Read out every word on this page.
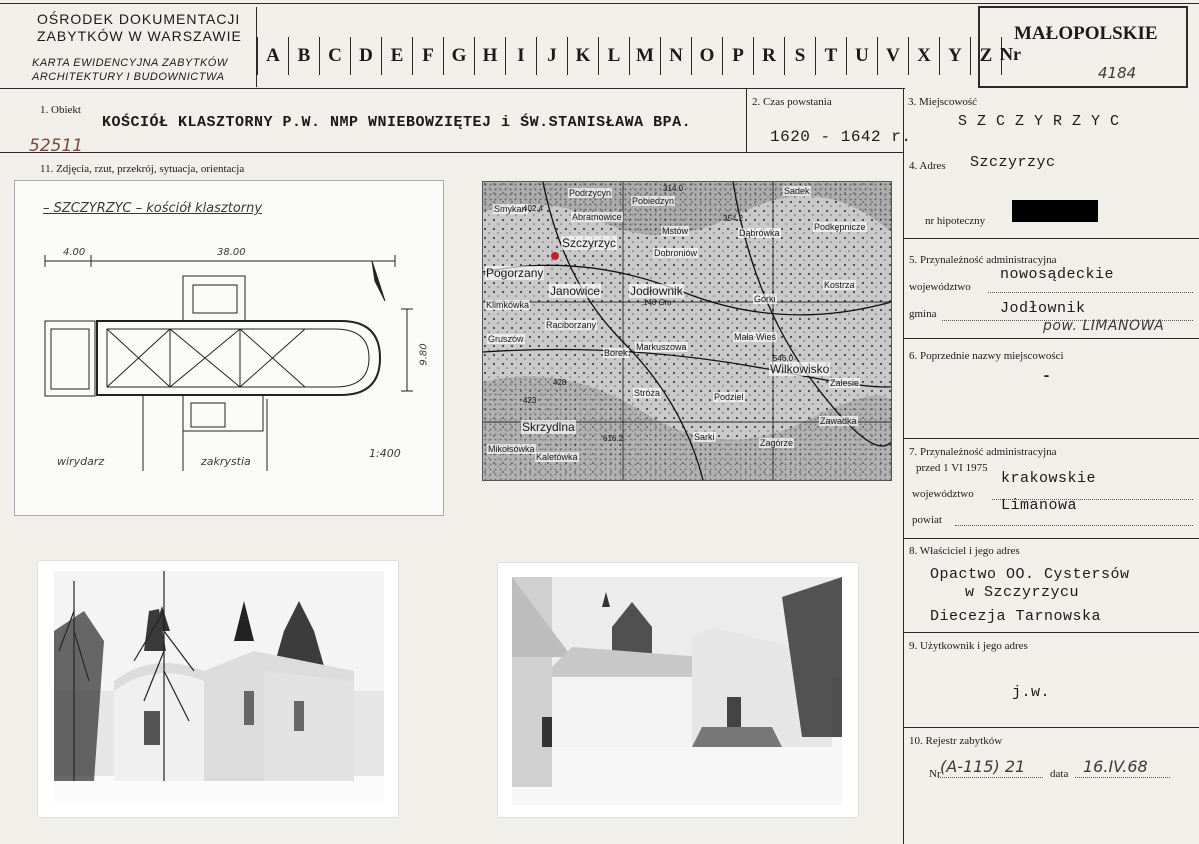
OŚRODEK DOKUMENTACJI
ZABYTKÓW W WARSZAWIE
KARTA EWIDENCYJNA ZABYTKÓW
ARCHITEKTURY I BUDOWNICTWA
A B C D E F G H	I	J K L M N O P R S	T U V X Y Z
MAŁOPOLSKIE
Nr
4184
1. Obiekt
52511
KOŚCIÓŁ KLASZTORNY P.W. NMP WNIEBOWZIĘTEJ i ŚW.STANISŁAWA BPA.
2. Czas powstania
1620 - 1642 r.
3. Miejscowość
S Z C Z Y R Z Y C
11. Zdjęcia, rzut, przekrój, sytuacja, orientacja	4. Adres Szczyrzyc
nr hipoteczny
5. Przynależność administracyjna
województwo
nowosądeckie
gmina	Jodłownik
pow. LIMANOWA
6. Poprzednie nazwy miejscowości
-
7. Przynależność administracyjna
przed 1 VI 1975
województwo
krakowskie
powiat
Limanowa
8. Właściciel i jego adres
Opactwo OO. Cystersów
w Szczyrzycu
Diecezja Tarnowska
9. Użytkownik i jego adres
j.w.
10. Rejestr zabytków
Nr (A-115) 21 data 16.IV.68
– SZCZYRZYC – kościół klasztorny
4.00	38.00
9.80
wirydarz	zakrystia
1:400
Smykan
Podrzycyn
Abramowice
Pobiedzyn
Sadek
Szczyrzyc
Mstów
Dobroniów
Dąbrówka
Podkępnicze
Pogorzany
Janowice Jodłownik	Kostrza
Klimkówka
Raciborzany
Górki
Gruszów
Borek
Markuszowa
Mała Wieś
Wilkowisko
Zalesie
Stróża	Podziel
Skrzydlna	Zawadka
Sarki
Zagórze
Kaletówka
Mikołsówka
314.0
402.4
354.2
148 Gm
546.0
616.2
423
428
